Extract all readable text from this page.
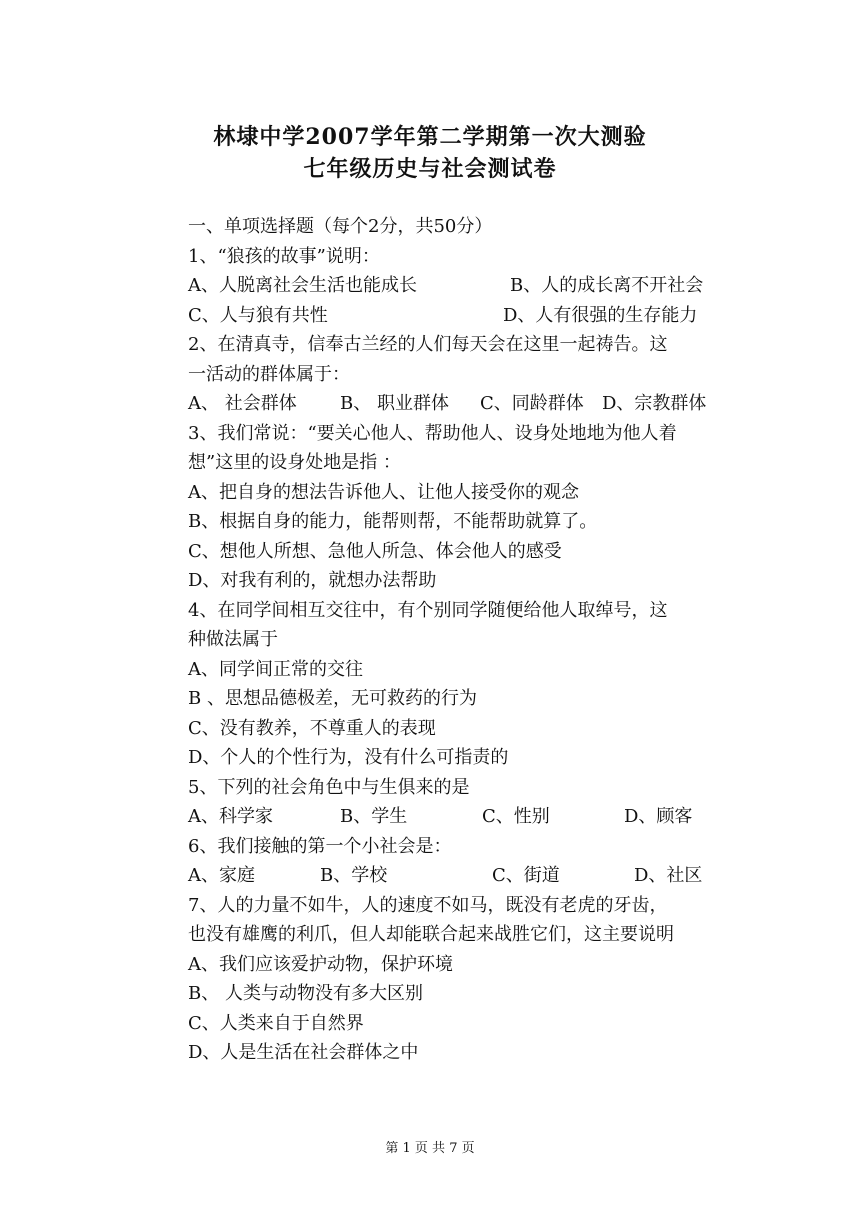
林埭中学2007学年第二学期第一次大测验
七年级历史与社会测试卷
一、单项选择题（每个2分，共50分）
1、“狼孩的故事”说明：
A、人脱离社会生活也能成长	B、人的成长离不开社会
C、人与狼有共性	D、人有很强的生存能力
2、在清真寺，信奉古兰经的人们每天会在这里一起祷告。这
一活动的群体属于：
A、 社会群体	B、 职业群体	C、同龄群体	D、宗教群体
3、我们常说：“要关心他人、帮助他人、设身处地地为他人着
想”这里的设身处地是指 ：
A、把自身的想法告诉他人、让他人接受你的观念
B、根据自身的能力，能帮则帮，不能帮助就算了。
C、想他人所想、急他人所急、体会他人的感受
D、对我有利的，就想办法帮助
4、在同学间相互交往中，有个别同学随便给他人取绰号，这
种做法属于
A、同学间正常的交往
B 、思想品德极差，无可救药的行为
C、没有教养，不尊重人的表现
D、个人的个性行为，没有什么可指责的
5、下列的社会角色中与生俱来的是
A、科学家	B、学生	C、性别	D、顾客
6、我们接触的第一个小社会是：
A、家庭	B、学校	C、街道	D、社区
7、人的力量不如牛，人的速度不如马，既没有老虎的牙齿，
也没有雄鹰的利爪，但人却能联合起来战胜它们，这主要说明
A、我们应该爱护动物，保护环境
B、 人类与动物没有多大区别
C、人类来自于自然界
D、人是生活在社会群体之中
第 1 页 共 7 页
